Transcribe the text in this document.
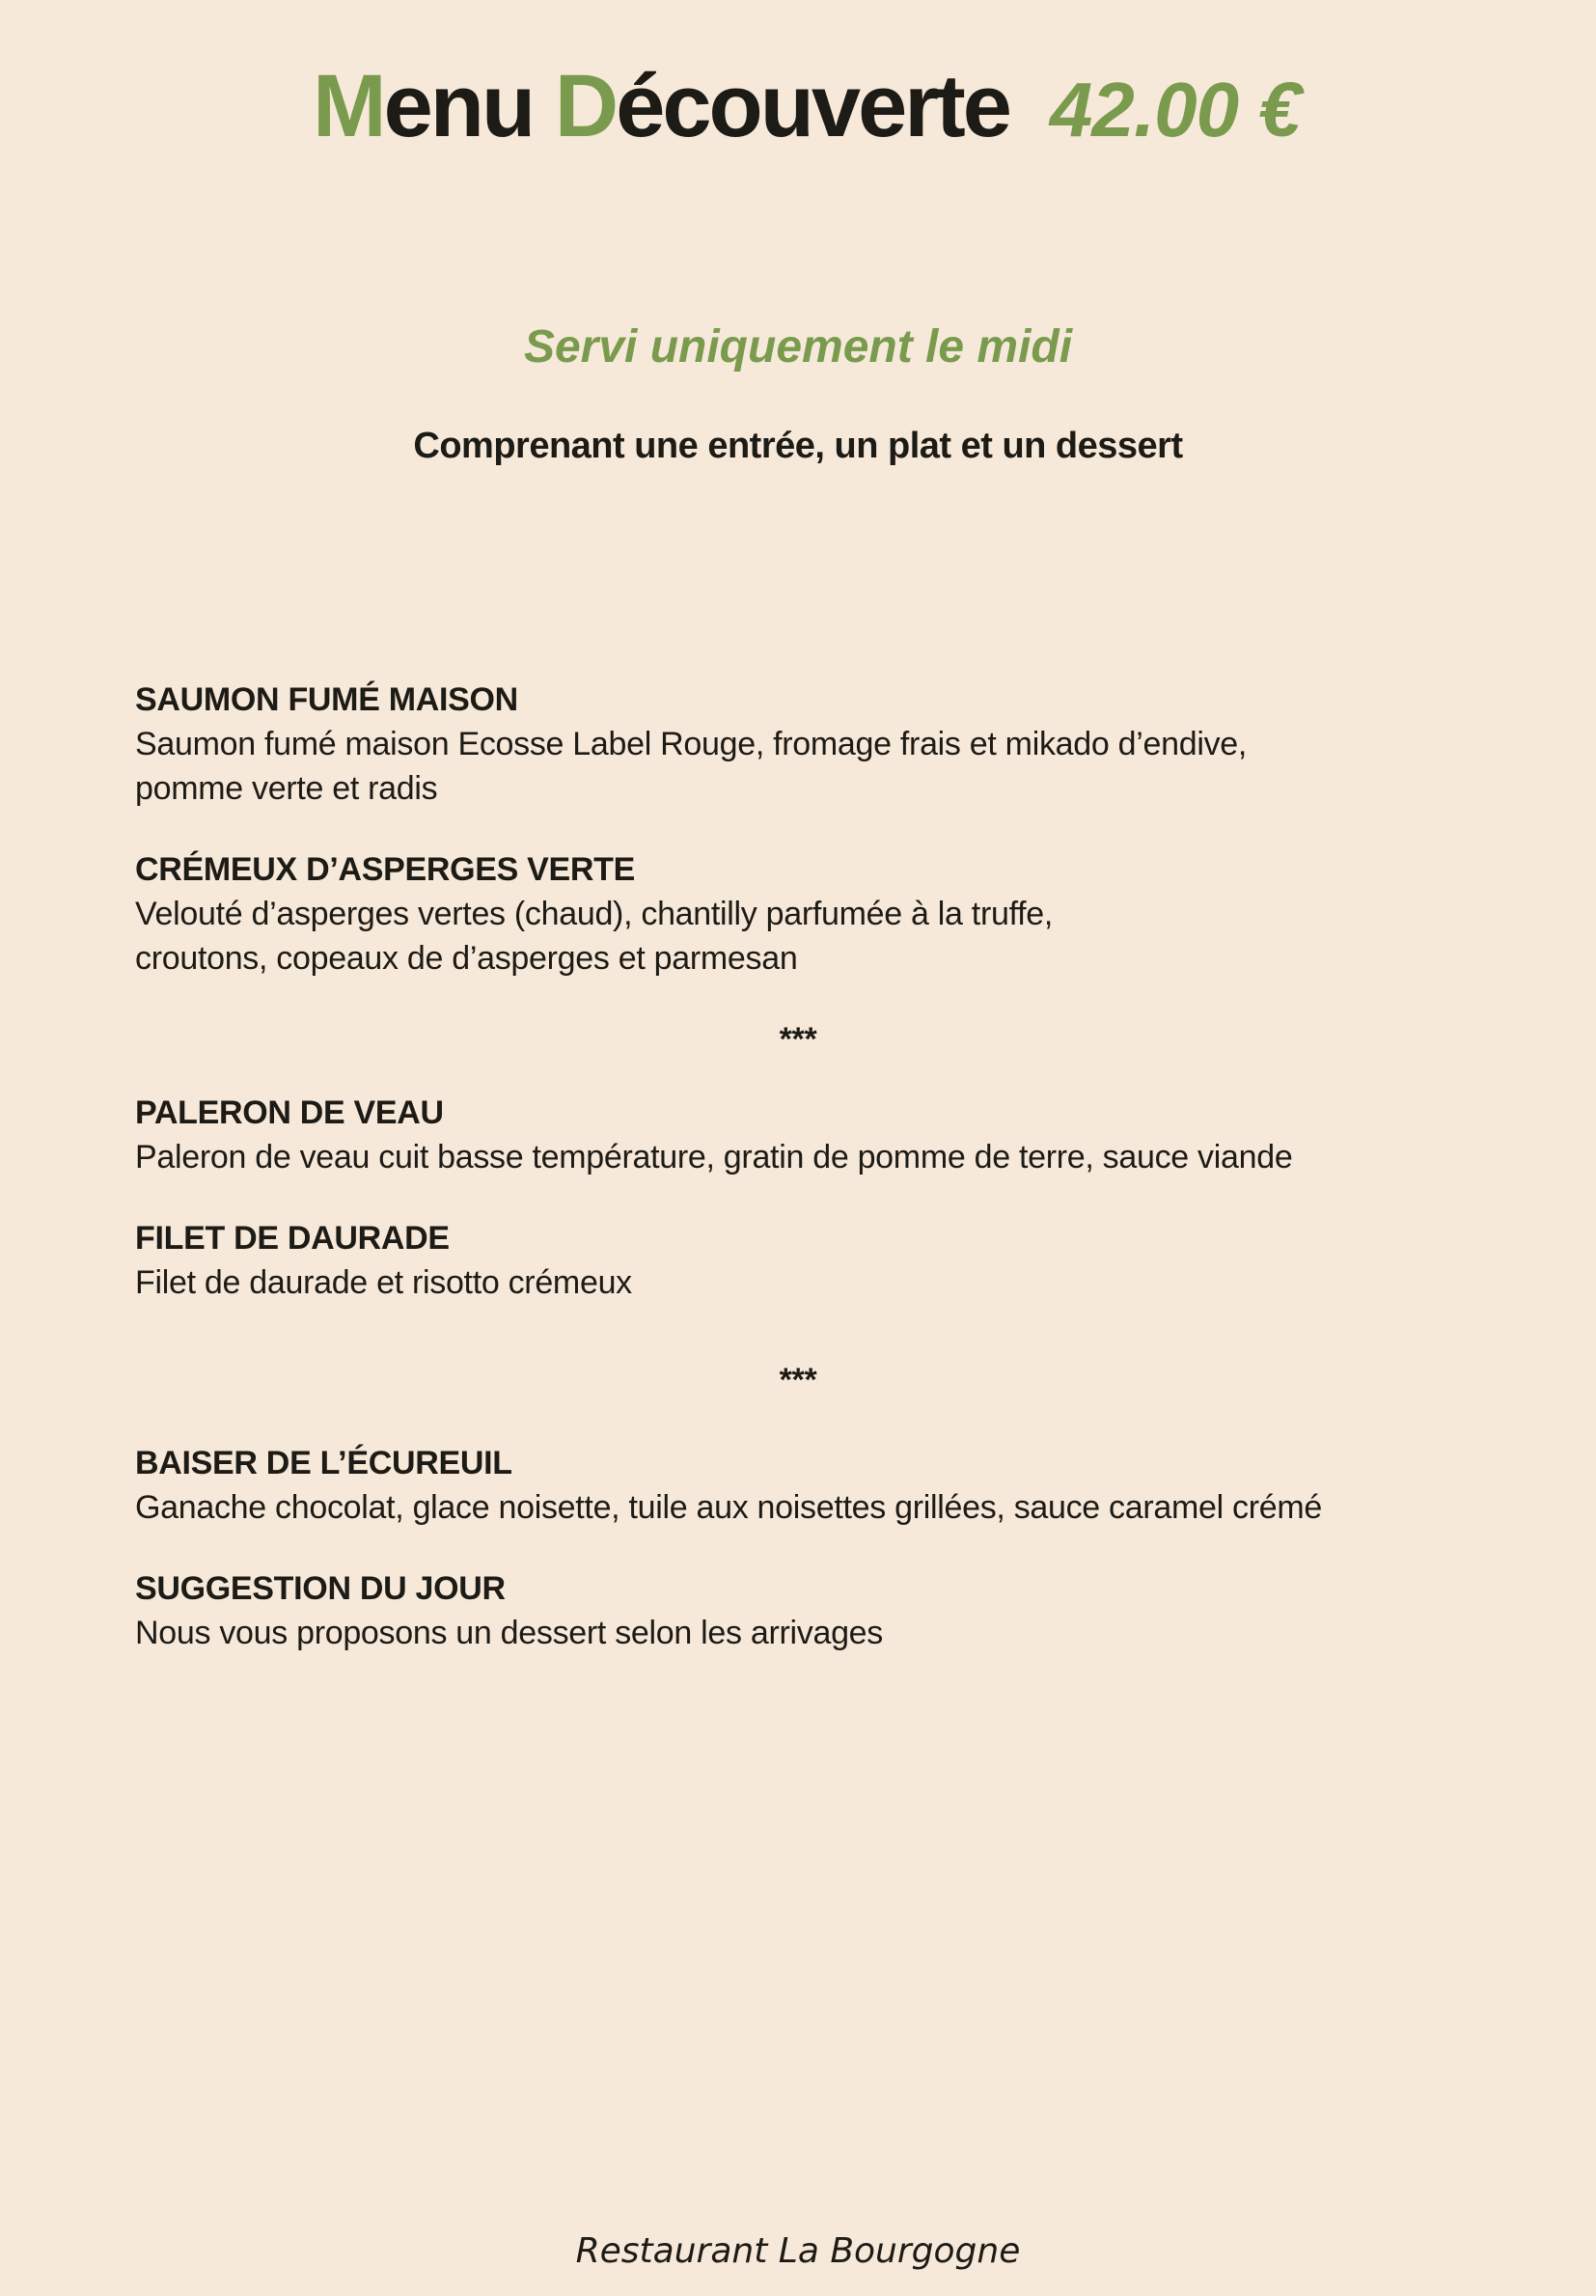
Menu Découverte 42.00 €

Servi uniquement le midi
Comprenant une entrée, un plat et un dessert
SAUMON FUMÉ MAISON

Saumon fumé maison Ecosse Label Rouge, fromage frais et mikado d’endive,

pomme verte et radis

CRÉMEUX D’ASPERGES VERTE

Velouté d’asperges vertes (chaud), chantilly parfumée à la truffe,

croutons, copeaux de d’asperges et parmesan

***
PALERON DE VEAU

Paleron de veau cuit basse température, gratin de pomme de terre, sauce viande

FILET DE DAURADE

Filet de daurade et risotto crémeux

***
BAISER DE L’ÉCUREUIL

Ganache chocolat, glace noisette, tuile aux noisettes grillées, sauce caramel crémé

SUGGESTION DU JOUR

Nous vous proposons un dessert selon les arrivages

Restaurant La Bourgogne
